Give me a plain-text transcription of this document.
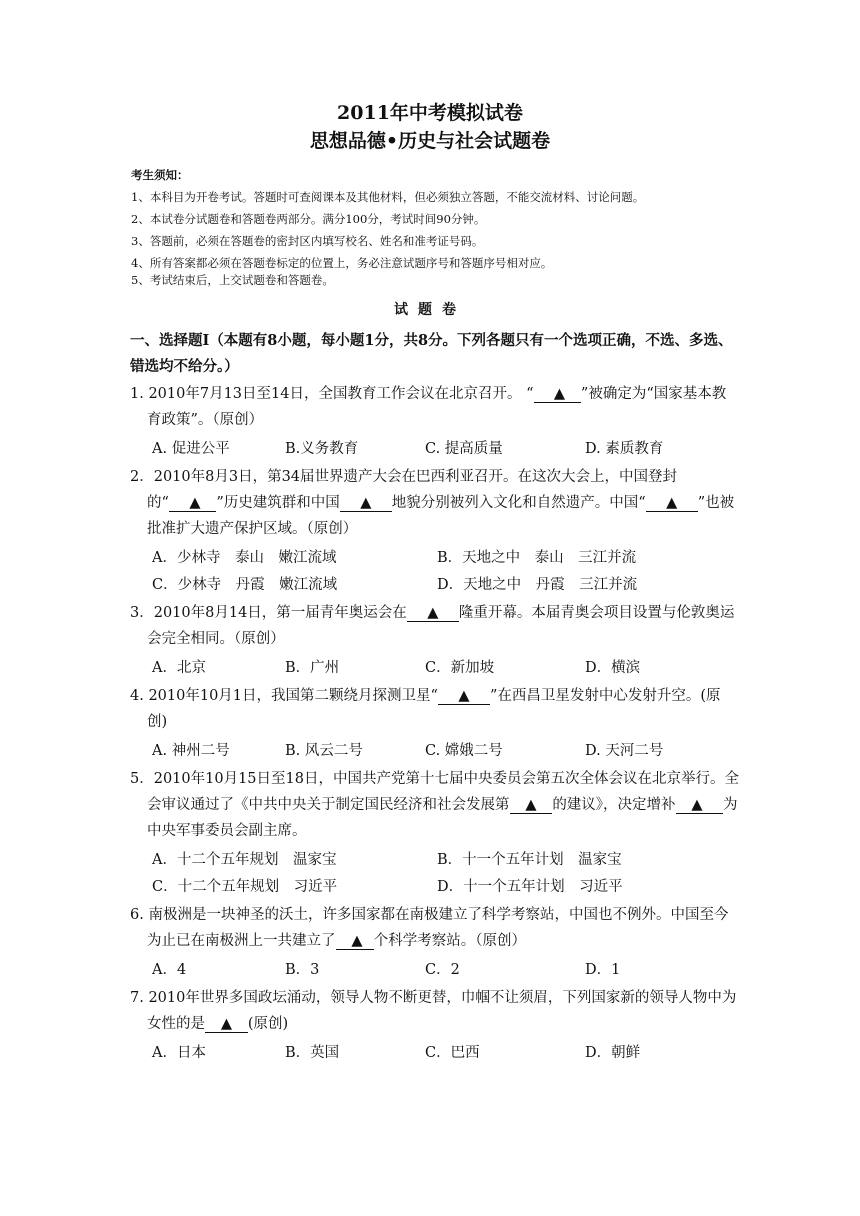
2011年中考模拟试卷
思想品德•历史与社会试题卷
考生须知：
1、本科目为开卷考试。答题时可查阅课本及其他材料，但必须独立答题，不能交流材料、讨论问题。
2、本试卷分试题卷和答题卷两部分。满分100分，考试时间90分钟。
3、答题前，必须在答题卷的密封区内填写校名、姓名和准考证号码。
4、所有答案都必须在答题卷标定的位置上，务必注意试题序号和答题序号相对应。
5、考试结束后，上交试题卷和答题卷。
试题卷
一、选择题Ⅰ（本题有8小题，每小题1分，共8分。下列各题只有一个选项正确，不选、多选、错选均不给分。）
1. 2010年7月13日至14日，全国教育工作会议在北京召开。 “    ▲   ”被确定为“国家基本教育政策”。（原创）
A. 促进公平	B.义务教育	C. 提高质量	D. 素质教育
2．2010年8月3日，第34届世界遗产大会在巴西利亚召开。在这次大会上，中国登封的“    ▲   ”历史建筑群和中国    ▲    地貌分别被列入文化和自然遗产。中国“    ▲    ”也被批准扩大遗产保护区域。（原创）
A．少林寺　泰山　嫩江流域	B．天地之中　泰山　三江并流
C．少林寺　丹霞　嫩江流域	D．天地之中　丹霞　三江并流
3．2010年8月14日，第一届青年奥运会在    ▲    隆重开幕。本届青奥会项目设置与伦敦奥运会完全相同。（原创）
A．北京	B．广州	C．新加坡	D．横滨
4. 2010年10月1日，我国第二颗绕月探测卫星“    ▲    ”在西昌卫星发射中心发射升空。(原创)
A. 神州二号	B. 风云二号	C. 嫦娥二号	D. 天河二号
5．2010年10月15日至18日，中国共产党第十七届中央委员会第五次全体会议在北京举行。全会审议通过了《中共中央关于制定国民经济和社会发展第   ▲   的建议》，决定增补   ▲    为中央军事委员会副主席。
A．十二个五年规划　温家宝	B．十一个五年计划　温家宝
C．十二个五年规划　习近平	D．十一个五年计划　习近平
6. 南极洲是一块神圣的沃土，许多国家都在南极建立了科学考察站，中国也不例外。中国至今为止已在南极洲上一共建立了   ▲  个科学考察站。（原创）
A．4	B．3	C．2	D．1
7. 2010年世界多国政坛涌动，领导人物不断更替，巾帼不让须眉，下列国家新的领导人物中为女性的是   ▲   (原创)
A．日本	B．英国	C．巴西	D．朝鲜
